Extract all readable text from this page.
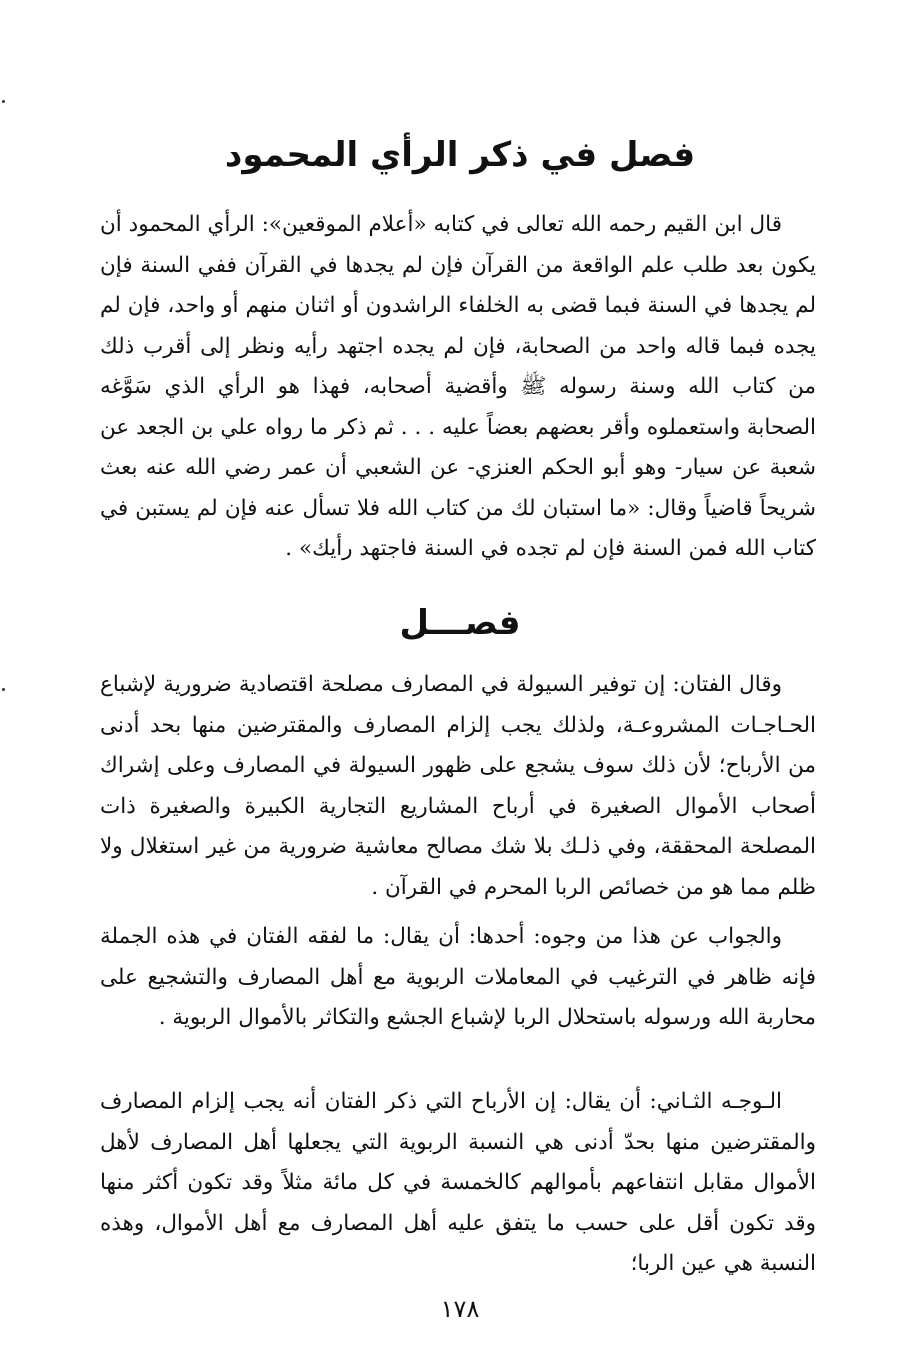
فصل في ذكر الرأي المحمود

قال ابن القيم رحمه الله تعالى في كتابه «أعلام الموقعين»: الرأي المحمود أن يكون بعد طلب علم الواقعة من القرآن فإن لم يجدها في القرآن ففي السنة فإن لم يجدها في السنة فبما قضى به الخلفاء الراشدون أو اثنان منهم أو واحد، فإن لم يجده فبما قاله واحد من الصحابة، فإن لم يجده اجتهد رأيه ونظر إلى أقرب ذلك من كتاب الله وسنة رسوله ﷺ وأقضية أصحابه، فهذا هو الرأي الذي سَوَّغه الصحابة واستعملوه وأقر بعضهم بعضاً عليه . . . ثم ذكر ما رواه علي بن الجعد عن شعبة عن سيار- وهو أبو الحكم العنزي- عن الشعبي أن عمر رضي الله عنه بعث شريحاً قاضياً وقال: «ما استبان لك من كتاب الله فلا تسأل عنه فإن لم يستبن في كتاب الله فمن السنة فإن لم تجده في السنة فاجتهد رأيك» .

فصـــل

وقال الفتان: إن توفير السيولة في المصارف مصلحة اقتصادية ضرورية لإشباع الحـاجـات المشروعـة، ولذلك يجب إلزام المصارف والمقترضين منها بحد أدنى من الأرباح؛ لأن ذلك سوف يشجع على ظهور السيولة في المصارف وعلى إشراك أصحاب الأموال الصغيرة في أرباح المشاريع التجارية الكبيرة والصغيرة ذات المصلحة المحققة، وفي ذلـك بلا شك مصالح معاشية ضرورية من غير استغلال ولا ظلم مما هو من خصائص الربا المحرم في القرآن .

والجواب عن هذا من وجوه: أحدها: أن يقال: ما لفقه الفتان في هذه الجملة فإنه ظاهر في الترغيب في المعاملات الربوية مع أهل المصارف والتشجيع على محاربة الله ورسوله باستحلال الربا لإشباع الجشع والتكاثر بالأموال الربوية .

الـوجـه الثـاني: أن يقال: إن الأرباح التي ذكر الفتان أنه يجب إلزام المصارف والمقترضين منها بحدّ أدنى هي النسبة الربوية التي يجعلها أهل المصارف لأهل الأموال مقابل انتفاعهم بأموالهم كالخمسة في كل مائة مثلاً وقد تكون أكثر منها وقد تكون أقل على حسب ما يتفق عليه أهل المصارف مع أهل الأموال، وهذه النسبة هي عين الربا؛

١٧٨
